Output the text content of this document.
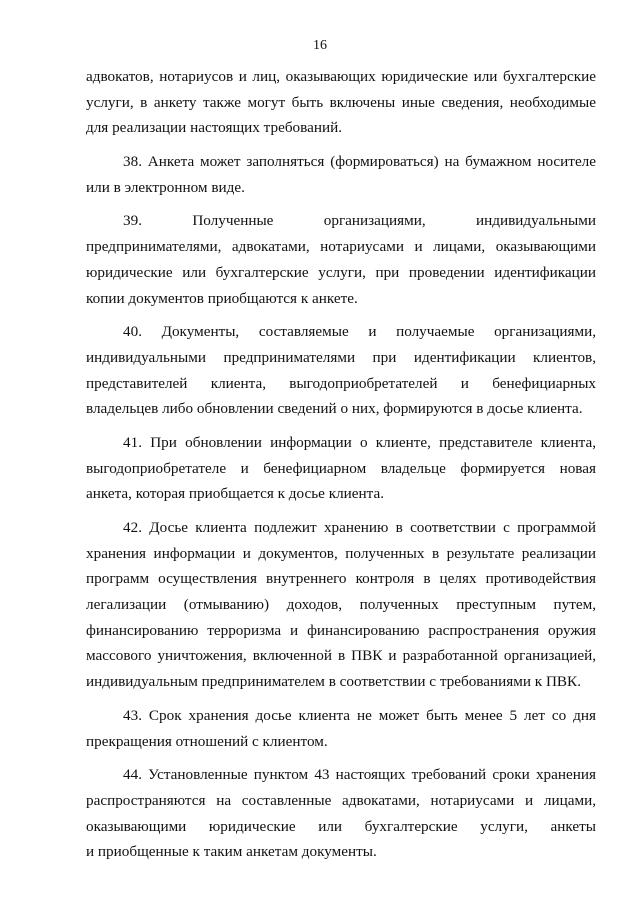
16
адвокатов, нотариусов и лиц, оказывающих юридические или бухгалтерские
услуги, в анкету также могут быть включены иные сведения, необходимые
для реализации настоящих требований.
38. Анкета может заполняться (формироваться) на бумажном носителе
или в электронном виде.
39. Полученные организациями, индивидуальными
предпринимателями, адвокатами, нотариусами и лицами, оказывающими
юридические или бухгалтерские услуги, при проведении идентификации
копии документов приобщаются к анкете.
40. Документы, составляемые и получаемые организациями,
индивидуальными предпринимателями при идентификации клиентов,
представителей клиента, выгодоприобретателей и бенефициарных
владельцев либо обновлении сведений о них, формируются в досье клиента.
41. При обновлении информации о клиенте, представителе клиента,
выгодоприобретателе и бенефициарном владельце формируется новая
анкета, которая приобщается к досье клиента.
42. Досье клиента подлежит хранению в соответствии с программой
хранения информации и документов, полученных в результате реализации
программ осуществления внутреннего контроля в целях противодействия
легализации (отмыванию) доходов, полученных преступным путем,
финансированию терроризма и финансированию распространения оружия
массового уничтожения, включенной в ПВК и разработанной организацией,
индивидуальным предпринимателем в соответствии с требованиями к ПВК.
43. Срок хранения досье клиента не может быть менее 5 лет со дня
прекращения отношений с клиентом.
44. Установленные пунктом 43 настоящих требований сроки хранения
распространяются на составленные адвокатами, нотариусами и лицами,
оказывающими юридические или бухгалтерские услуги, анкеты
и приобщенные к таким анкетам документы.
